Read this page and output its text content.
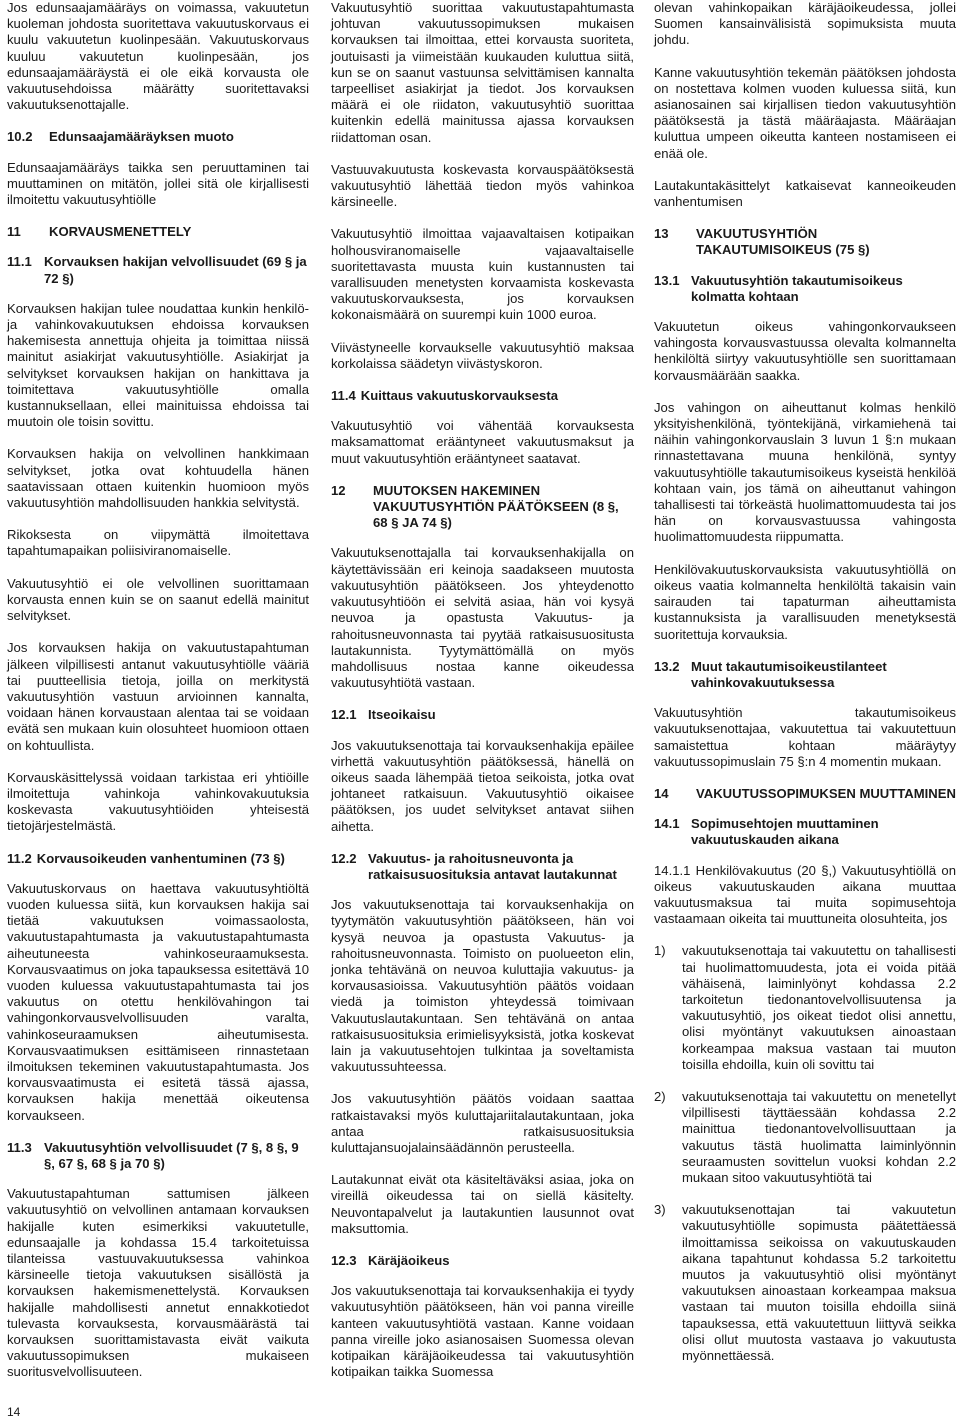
Jos edunsaajamääräys on voimassa, vakuutetun kuoleman johdosta suoritettava vakuutuskorvaus ei kuulu vakuutetun kuolinpesään. Vakuutuskorvaus kuuluu vakuutetun kuolinpesään, jos edunsaajamääräystä ei ole eikä korvausta ole vakuutusehdoissa määrätty suoritettavaksi vakuutuksenottajalle.

10.2	Edunsaajamääräyksen muoto

Edunsaajamääräys taikka sen peruuttaminen tai muuttaminen on mitätön, jollei sitä ole kirjallisesti ilmoitettu vakuutusyhtiölle

11	KORVAUSMENETTELY
11.1 Korvauksen hakijan velvollisuudet (69 § ja 72 §)

Korvauksen hakijan tulee noudattaa kunkin henkilö- ja vahinkovakuutuksen ehdoissa korvauksen hakemisesta annettuja ohjeita ja toimittaa niissä mainitut asiakirjat vakuutusyhtiölle. Asiakirjat ja selvitykset korvauksen hakijan on hankittava ja toimitettava vakuutusyhtiölle omalla kustannuksellaan, ellei mainituissa ehdoissa tai muutoin ole toisin sovittu.

Korvauksen hakija on velvollinen hankkimaan selvitykset, jotka ovat kohtuudella hänen saatavissaan ottaen kuitenkin huomioon myös vakuutusyhtiön mahdollisuuden hankkia selvitystä.

Rikoksesta on viipymättä ilmoitettava tapahtumapaikan poliisiviranomaiselle.

Vakuutusyhtiö ei ole velvollinen suorittamaan korvausta ennen kuin se on saanut edellä mainitut selvitykset.

Jos korvauksen hakija on vakuutustapahtuman jälkeen vilpillisesti antanut vakuutusyhtiölle vääriä tai puutteellisia tietoja, joilla on merkitystä vakuutusyhtiön vastuun arvioinnen kannalta, voidaan hänen korvaustaan alentaa tai se voidaan evätä sen mukaan kuin olosuhteet huomioon ottaen on kohtuullista.

Korvauskäsittelyssä voidaan tarkistaa eri yhtiöille ilmoitettuja vahinkoja vahinkovakuutuksia koskevasta vakuutusyhtiöiden yhteisestä tietojärjestelmästä.

11.2 Korvausoikeuden vanhentuminen (73 §)

Vakuutuskorvaus on haettava vakuutusyhtiöltä vuoden kuluessa siitä, kun korvauksen hakija sai tietää vakuutuksen voimassaolosta, vakuutustapahtumasta ja vakuutustapahtumasta aiheutuneesta vahinkoseuraamuksesta. Korvausvaatimus on joka tapauksessa esitettävä 10 vuoden kuluessa vakuutustapahtumasta tai jos vakuutus on otettu henkilövahingon tai vahingonkorvausvelvollisuuden varalta, vahinkoseuraamuksen aiheutumisesta. Korvausvaatimuksen esittämiseen rinnastetaan ilmoituksen tekeminen vakuutustapahtumasta. Jos korvausvaatimusta ei esitetä tässä ajassa, korvauksen hakija menettää oikeutensa korvaukseen.

11.3 Vakuutusyhtiön velvollisuudet (7 §, 8 §, 9 §, 67 §, 68 § ja 70 §)

Vakuutustapahtuman sattumisen jälkeen vakuutusyhtiö on velvollinen antamaan korvauksen hakijalle kuten esimerkiksi vakuutetulle, edunsaajalle ja kohdassa 15.4 tarkoitetuissa tilanteissa vastuuvakuutuksessa vahinkoa kärsineelle tietoja vakuutuksen sisällöstä ja korvauksen hakemismenettelystä. Korvauksen hakijalle mahdollisesti annetut ennakkotiedot tulevasta korvauksesta, korvausmäärästä tai korvauksen suorittamistavasta eivät vaikuta vakuutussopimuksen mukaiseen suoritusvelvollisuuteen.

Vakuutusyhtiö suorittaa vakuutustapahtumasta johtuvan vakuutussopimuksen mukaisen korvauksen tai ilmoittaa, ettei korvausta suoriteta, joutuisasti ja viimeistään kuukauden kuluttua siitä, kun se on saanut vastuunsa selvittämisen kannalta tarpeelliset asiakirjat ja tiedot. Jos korvauksen määrä ei ole riidaton, vakuutusyhtiö suorittaa kuitenkin edellä mainitussa ajassa korvauksen riidattoman osan.

Vastuuvakuutusta koskevasta korvauspäätöksestä vakuutusyhtiö lähettää tiedon myös vahinkoa kärsineelle.

Vakuutusyhtiö ilmoittaa vajaavaltaisen kotipaikan holhousviranomaiselle vajaavaltaiselle suoritettavasta muusta kuin kustannusten tai varallisuuden menetysten korvaamista koskevasta vakuutuskorvauksesta, jos korvauksen kokonaismäärä on suurempi kuin 1000 euroa.

Viivästyneelle korvaukselle vakuutusyhtiö maksaa korkolaissa säädetyn viivästyskoron.

11.4 Kuittaus vakuutuskorvauksesta

Vakuutusyhtiö voi vähentää korvauksesta maksamattomat erääntyneet vakuutusmaksut ja muut vakuutusyhtiön erääntyneet saatavat.

12	MUUTOKSEN HAKEMINEN VAKUUTUSYHTIÖN PÄÄTÖKSEEN (8 §, 68 § JA 74 §)

Vakuutuksenottajalla tai korvauksenhakijalla on käytettävissään eri keinoja saadakseen muutosta vakuutusyhtiön päätökseen. Jos yhteydenotto vakuutusyhtiöön ei selvitä asiaa, hän voi kysyä neuvoa ja opastusta Vakuutus- ja rahoitusneuvonnasta tai pyytää ratkaisusuositusta lautakunnista. Tyytymättömällä on myös mahdollisuus nostaa kanne oikeudessa vakuutusyhtiötä vastaan.

12.1 Itseoikaisu

Jos vakuutuksenottaja tai korvauksenhakija epäilee virhettä vakuutusyhtiön päätöksessä, hänellä on oikeus saada lähempää tietoa seikoista, jotka ovat johtaneet ratkaisuun. Vakuutusyhtiö oikaisee päätöksen, jos uudet selvitykset antavat siihen aihetta.

12.2 Vakuutus- ja rahoitusneuvonta ja ratkaisusuosituksia antavat lautakunnat

Jos vakuutuksenottaja tai korvauksenhakija on tyytymätön vakuutusyhtiön päätökseen, hän voi kysyä neuvoa ja opastusta Vakuutus- ja rahoitusneuvonnasta. Toimisto on puolueeton elin, jonka tehtävänä on neuvoa kuluttajia vakuutus- ja korvausasioissa. Vakuutusyhtiön päätös voidaan viedä ja toimiston yhteydessä toimivaan Vakuutuslautakuntaan. Sen tehtävänä on antaa ratkaisusuosituksia erimielisyyksistä, jotka koskevat lain ja vakuutusehtojen tulkintaa ja soveltamista vakuutussuhteessa.

Jos vakuutusyhtiön päätös voidaan saattaa ratkaistavaksi myös kuluttajariitalautakuntaan, joka antaa ratkaisusuosituksia kuluttajansuojalainsäädännön perusteella.

Lautakunnat eivät ota käsiteltäväksi asiaa, joka on vireillä oikeudessa tai on siellä käsitelty. Neuvontapalvelut ja lautakuntien lausunnot ovat maksuttomia.

12.3 Käräjäoikeus

Jos vakuutuksenottaja tai korvauksenhakija ei tyydy vakuutusyhtiön päätökseen, hän voi panna vireille kanteen vakuutusyhtiötä vastaan. Kanne voidaan panna vireille joko asianosaisen Suomessa olevan kotipaikan käräjäoikeudessa tai vakuutusyhtiön kotipaikan taikka Suomessa

olevan vahinkopaikan käräjäoikeudessa, jollei Suomen kansainvälisistä sopimuksista muuta johdu.

Kanne vakuutusyhtiön tekemän päätöksen johdosta on nostettava kolmen vuoden kuluessa siitä, kun asianosainen sai kirjallisen tiedon vakuutusyhtiön päätöksestä ja tästä määräajasta. Määräajan kuluttua umpeen oikeutta kanteen nostamiseen ei enää ole.

Lautakuntakäsittelyt katkaisevat kanneoikeuden vanhentumisen

13	VAKUUTUSYHTIÖN TAKAUTUMISOIKEUS (75 §)
13.1 Vakuutusyhtiön takautumisoikeus kolmatta kohtaan

Vakuutetun oikeus vahingonkorvaukseen vahingosta korvausvastuussa olevalta kolmannelta henkilöltä siirtyy vakuutusyhtiölle sen suorittamaan korvausmäärään saakka.

Jos vahingon on aiheuttanut kolmas henkilö yksityishenkilönä, työntekijänä, virkamiehenä tai näihin vahingonkorvauslain 3 luvun 1 §:n mukaan rinnastettavana muuna henkilönä, syntyy vakuutusyhtiölle takautumisoikeus kyseistä henkilöä kohtaan vain, jos tämä on aiheuttanut vahingon tahallisesti tai törkeästä huolimattomuudesta tai jos hän on korvausvastuussa vahingosta huolimattomuudesta riippumatta.

Henkilövakuutuskorvauksista vakuutusyhtiöllä on oikeus vaatia kolmannelta henkilöltä takaisin vain sairauden tai tapaturman aiheuttamista kustannuksista ja varallisuuden menetyksestä suoritettuja korvauksia.

13.2 Muut takautumisoikeustilanteet vahinkovakuutuksessa

Vakuutusyhtiön takautumisoikeus vakuutuksenottajaa, vakuutettua tai vakuutettuun samaistettua kohtaan määräytyy vakuutussopimuslain 75 §:n 4 momentin mukaan.

14	VAKUUTUSSOPIMUKSEN MUUTTAMINEN
14.1 Sopimusehtojen muuttaminen vakuutuskauden aikana

14.1.1 Henkilövakuutus (20 §,) Vakuutusyhtiöllä on oikeus vakuutuskauden aikana muuttaa vakuutusmaksua tai muita sopimusehtoja vastaamaan oikeita tai muuttuneita olosuhteita, jos

1)	vakuutuksenottaja tai vakuutettu on tahallisesti tai huolimattomuudesta, jota ei voida pitää vähäisenä, laiminlyönyt kohdassa 2.2 tarkoitetun tiedonantovelvollisuutensa ja vakuutusyhtiö, jos oikeat tiedot olisi annettu, olisi myöntänyt vakuutuksen ainoastaan korkeampaa maksua vastaan tai muuton toisilla ehdoilla, kuin oli sovittu tai
2)	vakuutuksenottaja tai vakuutettu on menetellyt vilpillisesti täyttäessään kohdassa 2.2 mainittua tiedonantovelvollisuuttaan ja vakuutus tästä huolimatta laiminlyönnin seuraamusten sovittelun vuoksi kohdan 2.2 mukaan sitoo vakuutusyhtiötä tai
3)	vakuutuksenottajan tai vakuutetun vakuutusyhtiölle sopimusta päätettäessä ilmoittamissa seikoissa on vakuutuskauden aikana tapahtunut kohdassa 5.2 tarkoitettu muutos ja vakuutusyhtiö olisi myöntänyt vakuutuksen ainoastaan korkeampaa maksua vastaan tai muuton toisilla ehdoilla siinä tapauksessa, että vakuutettuun liittyvä seikka olisi ollut muutosta vastaava jo vakuutusta myönnettäessä.
14
